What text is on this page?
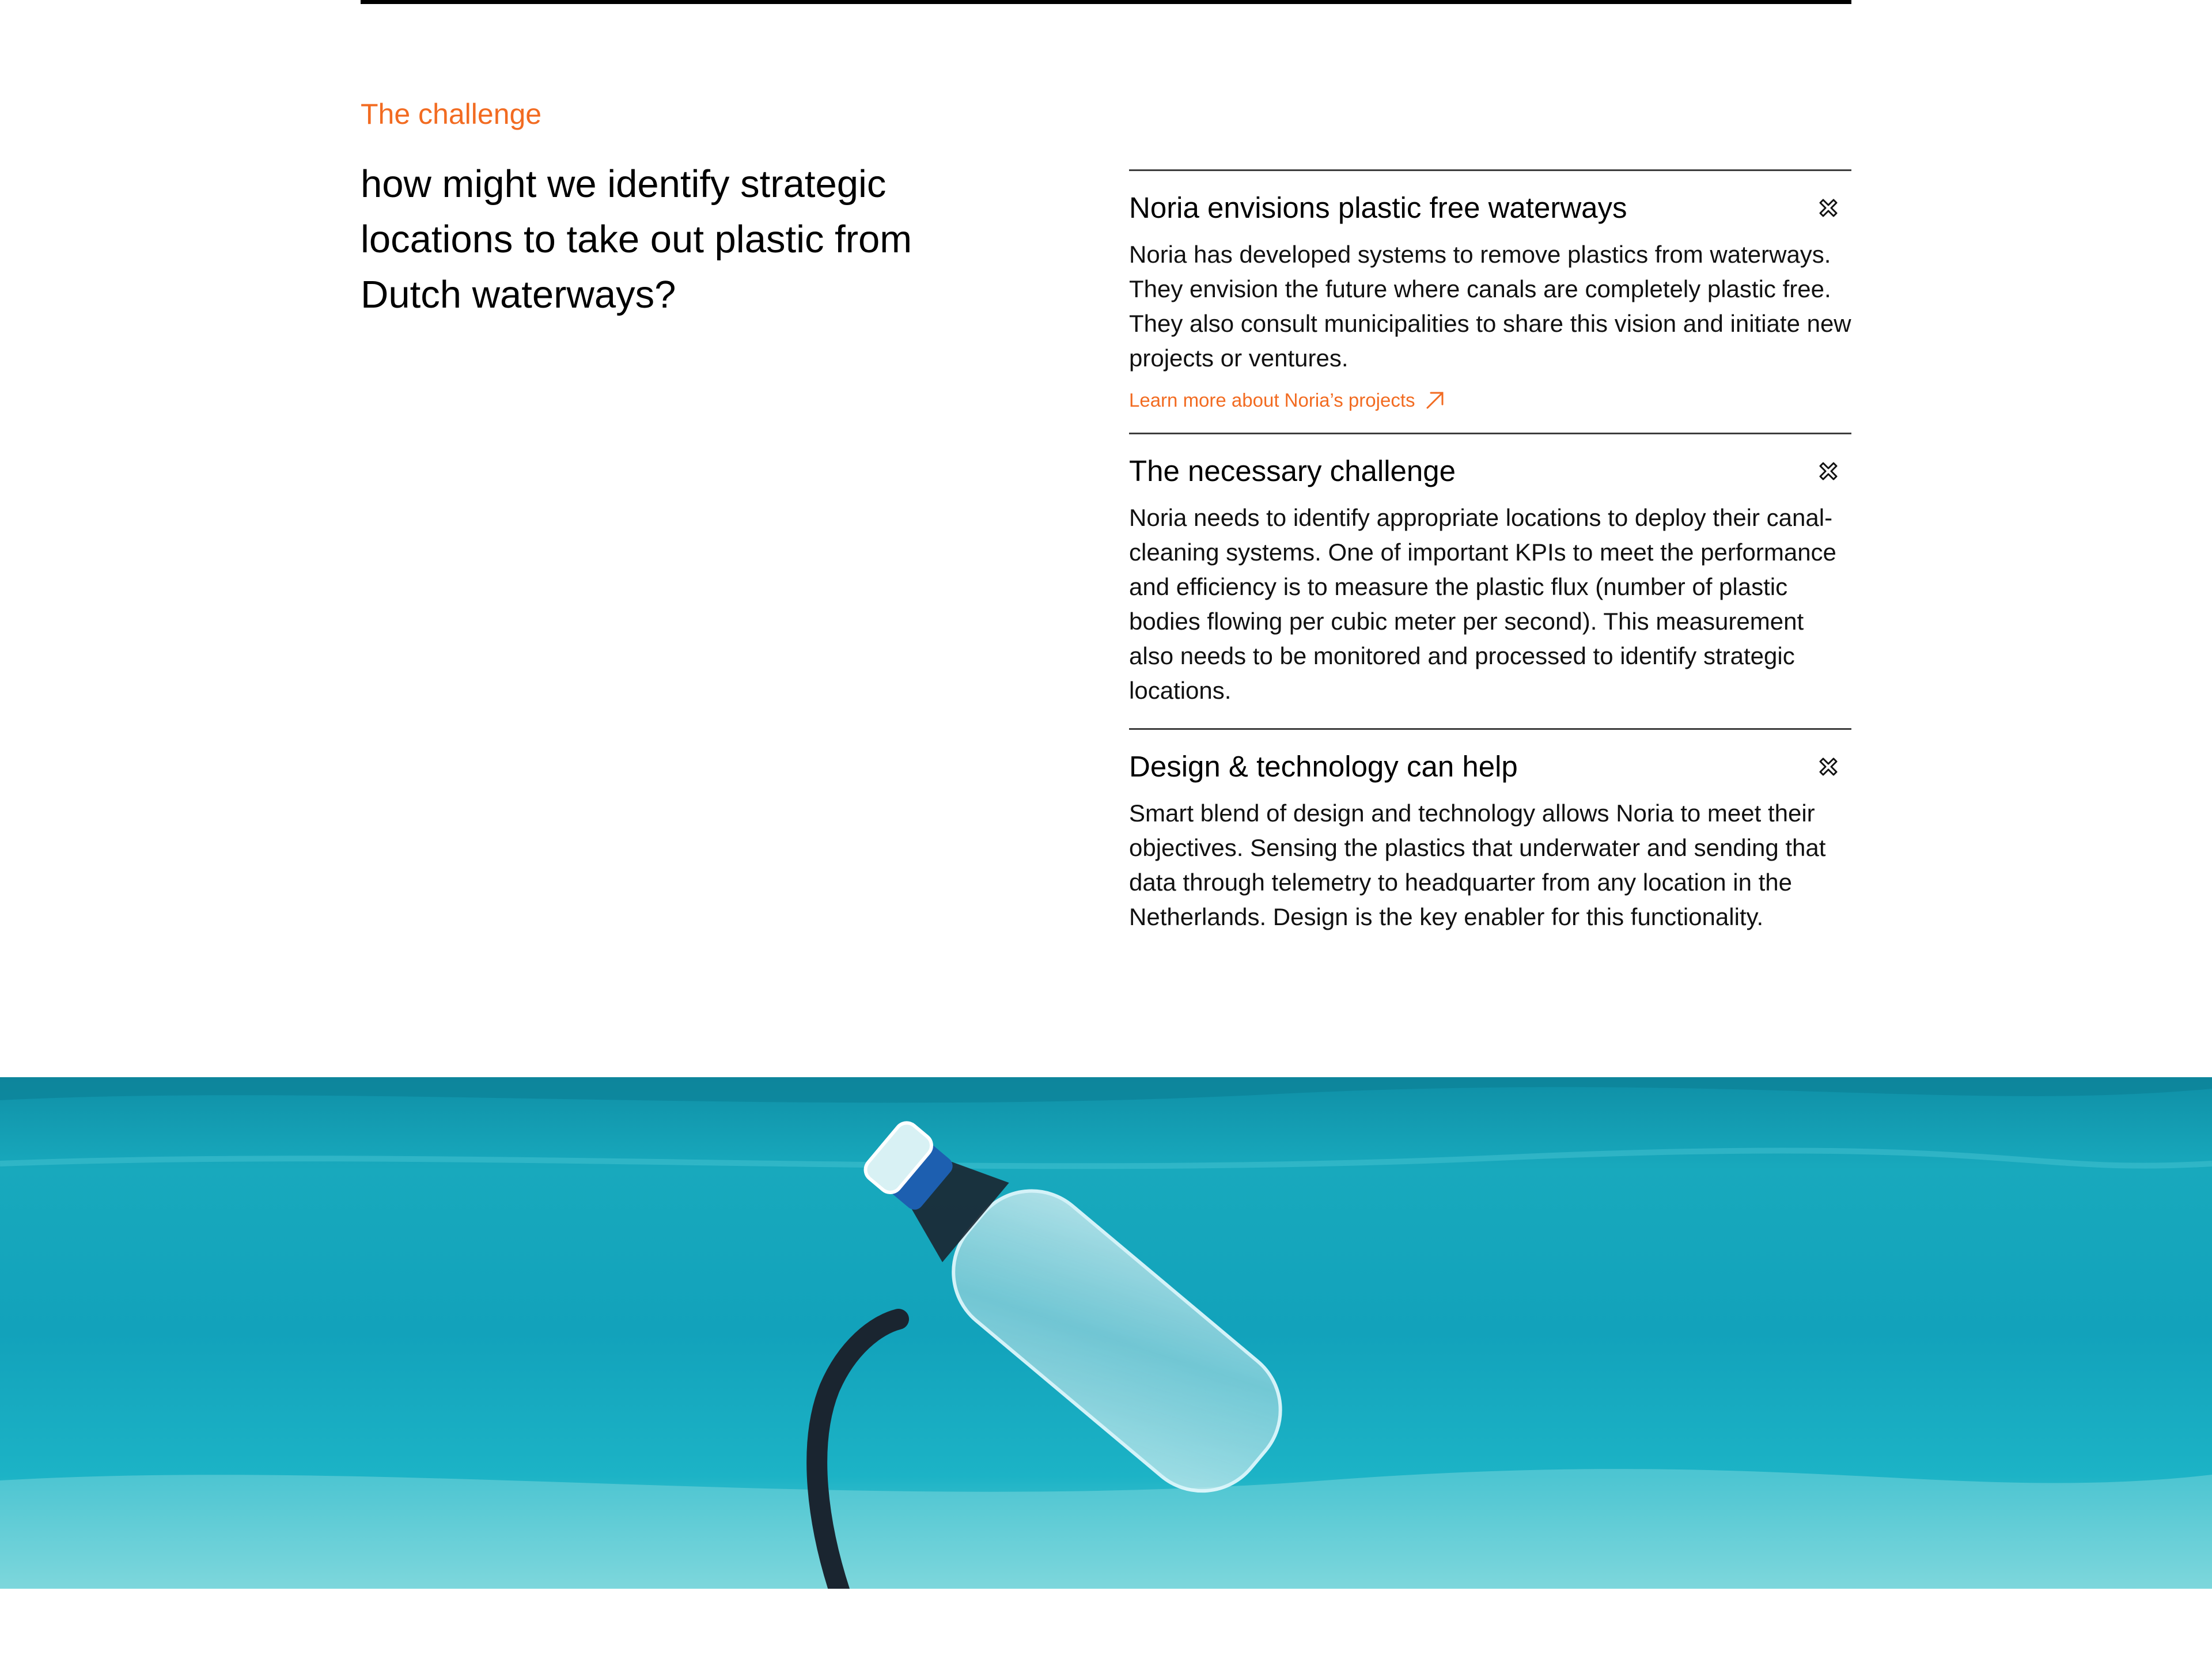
The challenge
how might we identify strategic locations to take out plastic from Dutch waterways?
Noria envisions plastic free waterways

Noria has developed systems to remove plastics from waterways. They envision the future where canals are completely plastic free. They also consult municipalities to share this vision and initiate new projects or ventures.

Learn more about Noria’s projects
The necessary challenge

Noria needs to identify appropriate locations to deploy their canal-cleaning systems. One of important KPIs to meet the performance and efficiency is to measure the plastic flux (number of plastic bodies flowing per cubic meter per second). This measurement also needs to be monitored and processed to identify strategic locations.

Design & technology can help

Smart blend of design and technology allows Noria to meet their objectives. Sensing the plastics that underwater and sending that data through telemetry to headquarter from any location in the Netherlands. Design is the key enabler for this functionality.
